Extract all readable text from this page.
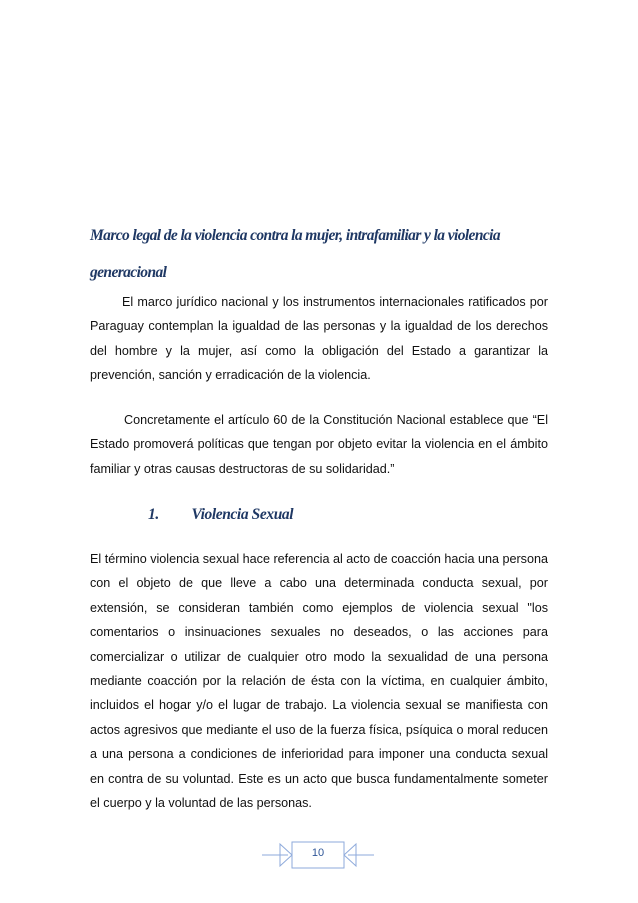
Marco legal de la violencia contra la mujer, intrafamiliar y la violencia
generacional

El marco jurídico nacional y los instrumentos internacionales ratificados por Paraguay contemplan la igualdad de las personas y la igualdad de los derechos del hombre y la mujer, así como la obligación del Estado a garantizar la prevención, sanción y erradicación de la violencia.

Concretamente el artículo 60 de la Constitución Nacional establece que “El Estado promoverá políticas que tengan por objeto evitar la violencia en el ámbito familiar y otras causas destructoras de su solidaridad.”

1. Violencia Sexual

El término violencia sexual hace referencia al acto de coacción hacia una persona con el objeto de que lleve a cabo una determinada conducta sexual, por extensión, se consideran también como ejemplos de violencia sexual "los comentarios o insinuaciones sexuales no deseados, o las acciones para comercializar o utilizar de cualquier otro modo la sexualidad de una persona mediante coacción por la relación de ésta con la víctima, en cualquier ámbito, incluidos el hogar y/o el lugar de trabajo. La violencia sexual se manifiesta con actos agresivos que mediante el uso de la fuerza física, psíquica o moral reducen a una persona a condiciones de inferioridad para imponer una conducta sexual en contra de su voluntad. Este es un acto que busca fundamentalmente someter el cuerpo y la voluntad de las personas.

10
